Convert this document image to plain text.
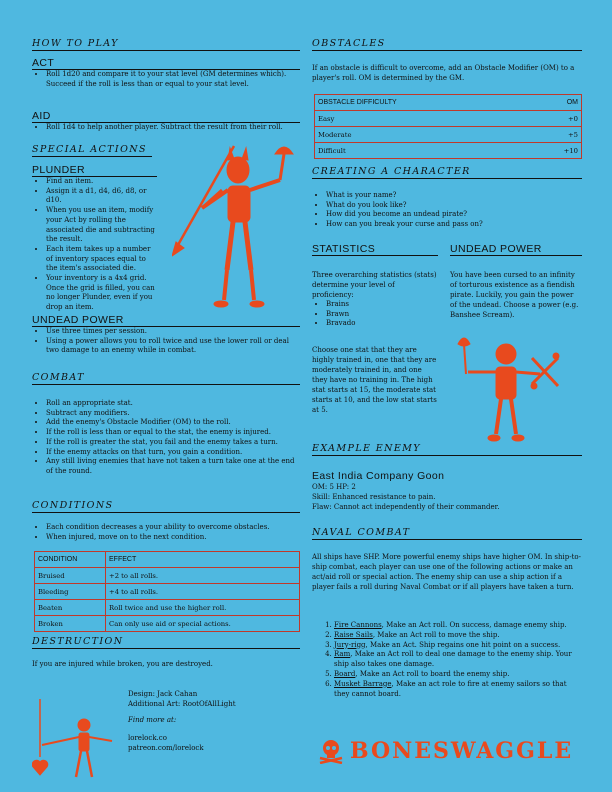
HOW TO PLAY
ACT
• Roll 1d20 and compare it to your stat level (GM determines which). Succeed if the roll is less than or equal to your stat level.
AID
• Roll 1d4 to help another player. Subtract the result from their roll.
SPECIAL ACTIONS
PLUNDER
• Find an item.
• Assign it a d1, d4, d6, d8, or d10.
• When you use an item, modify your Act by rolling the associated die and subtracting the result.
• Each item takes up a number of inventory spaces equal to the item's associated die.
• Your inventory is a 4x4 grid. Once the grid is filled, you can no longer Plunder, even if you drop an item.
UNDEAD POWER
• Use three times per session.
• Using a power allows you to roll twice and use the lower roll or deal two damage to an enemy while in combat.
COMBAT
• Roll an appropriate stat.
• Subtract any modifiers.
• Add the enemy's Obstacle Modifier (OM) to the roll.
• If the roll is less than or equal to the stat, the enemy is injured.
• If the roll is greater the stat, you fail and the enemy takes a turn.
• If the enemy attacks on that turn, you gain a condition.
• Any still living enemies that have not taken a turn take one at the end of the round.
CONDITIONS
• Each condition decreases a your ability to overcome obstacles.
• When injured, move on to the next condition.
CONDITION	EFFECT
Bruised	+2 to all rolls.
Bleeding	+4 to all rolls.
Beaten	Roll twice and use the higher roll.
Broken	Can only use aid or special actions.
DESTRUCTION

If you are injured while broken, you are destroyed.

Design: Jack Cahan

Additional Art: RootOfAllLight

Find more at:

lorelock.co

patreon.com/lorelock

OBSTACLES

If an obstacle is difficult to overcome, add an Obstacle Modifier (OM) to a player's roll. OM is determined by the GM.

OBSTACLE DIFFICULTY	OM
Easy	+0
Moderate	+5
Difficult	+10
CREATING A CHARACTER
• What is your name?
• What do you look like?
• How did you become an undead pirate?
• How can you break your curse and pass on?
STATISTICS

Three overarching statistics (stats) determine your level of proficiency:

• Brains
• Brawn
• Bravado

Choose one stat that they are highly trained in, one that they are moderately trained in, and one they have no training in. The high stat starts at 15, the moderate stat starts at 10, and the low stat starts at 5.

UNDEAD POWER

You have been cursed to an infinity of torturous existence as a fiendish pirate. Luckily, you gain the power of the undead. Choose a power (e.g. Banshee Scream).

EXAMPLE ENEMY
East India Company Goon

OM: 5 HP: 2

Skill: Enhanced resistance to pain.

Flaw: Cannot act independently of their commander.

NAVAL COMBAT

All ships have SHP. More powerful enemy ships have higher OM. In ship-to-ship combat, each player can use one of the following actions or make an act/aid roll or special action. The enemy ship can use a ship action if a player fails a roll during Naval Combat or if all players have taken a turn.

1. Fire Cannons, Make an Act roll. On success, damage enemy ship.
2. Raise Sails, Make an Act roll to move the ship.
3. Jury-rigg, Make an Act. Ship regains one hit point on a success.
4. Ram, Make an Act roll to deal one damage to the enemy ship. Your ship also takes one damage.
5. Board, Make an Act roll to board the enemy ship.
6. Musket Barrage, Make an act role to fire at enemy sailors so that they cannot board.
BONESWAGGLE
